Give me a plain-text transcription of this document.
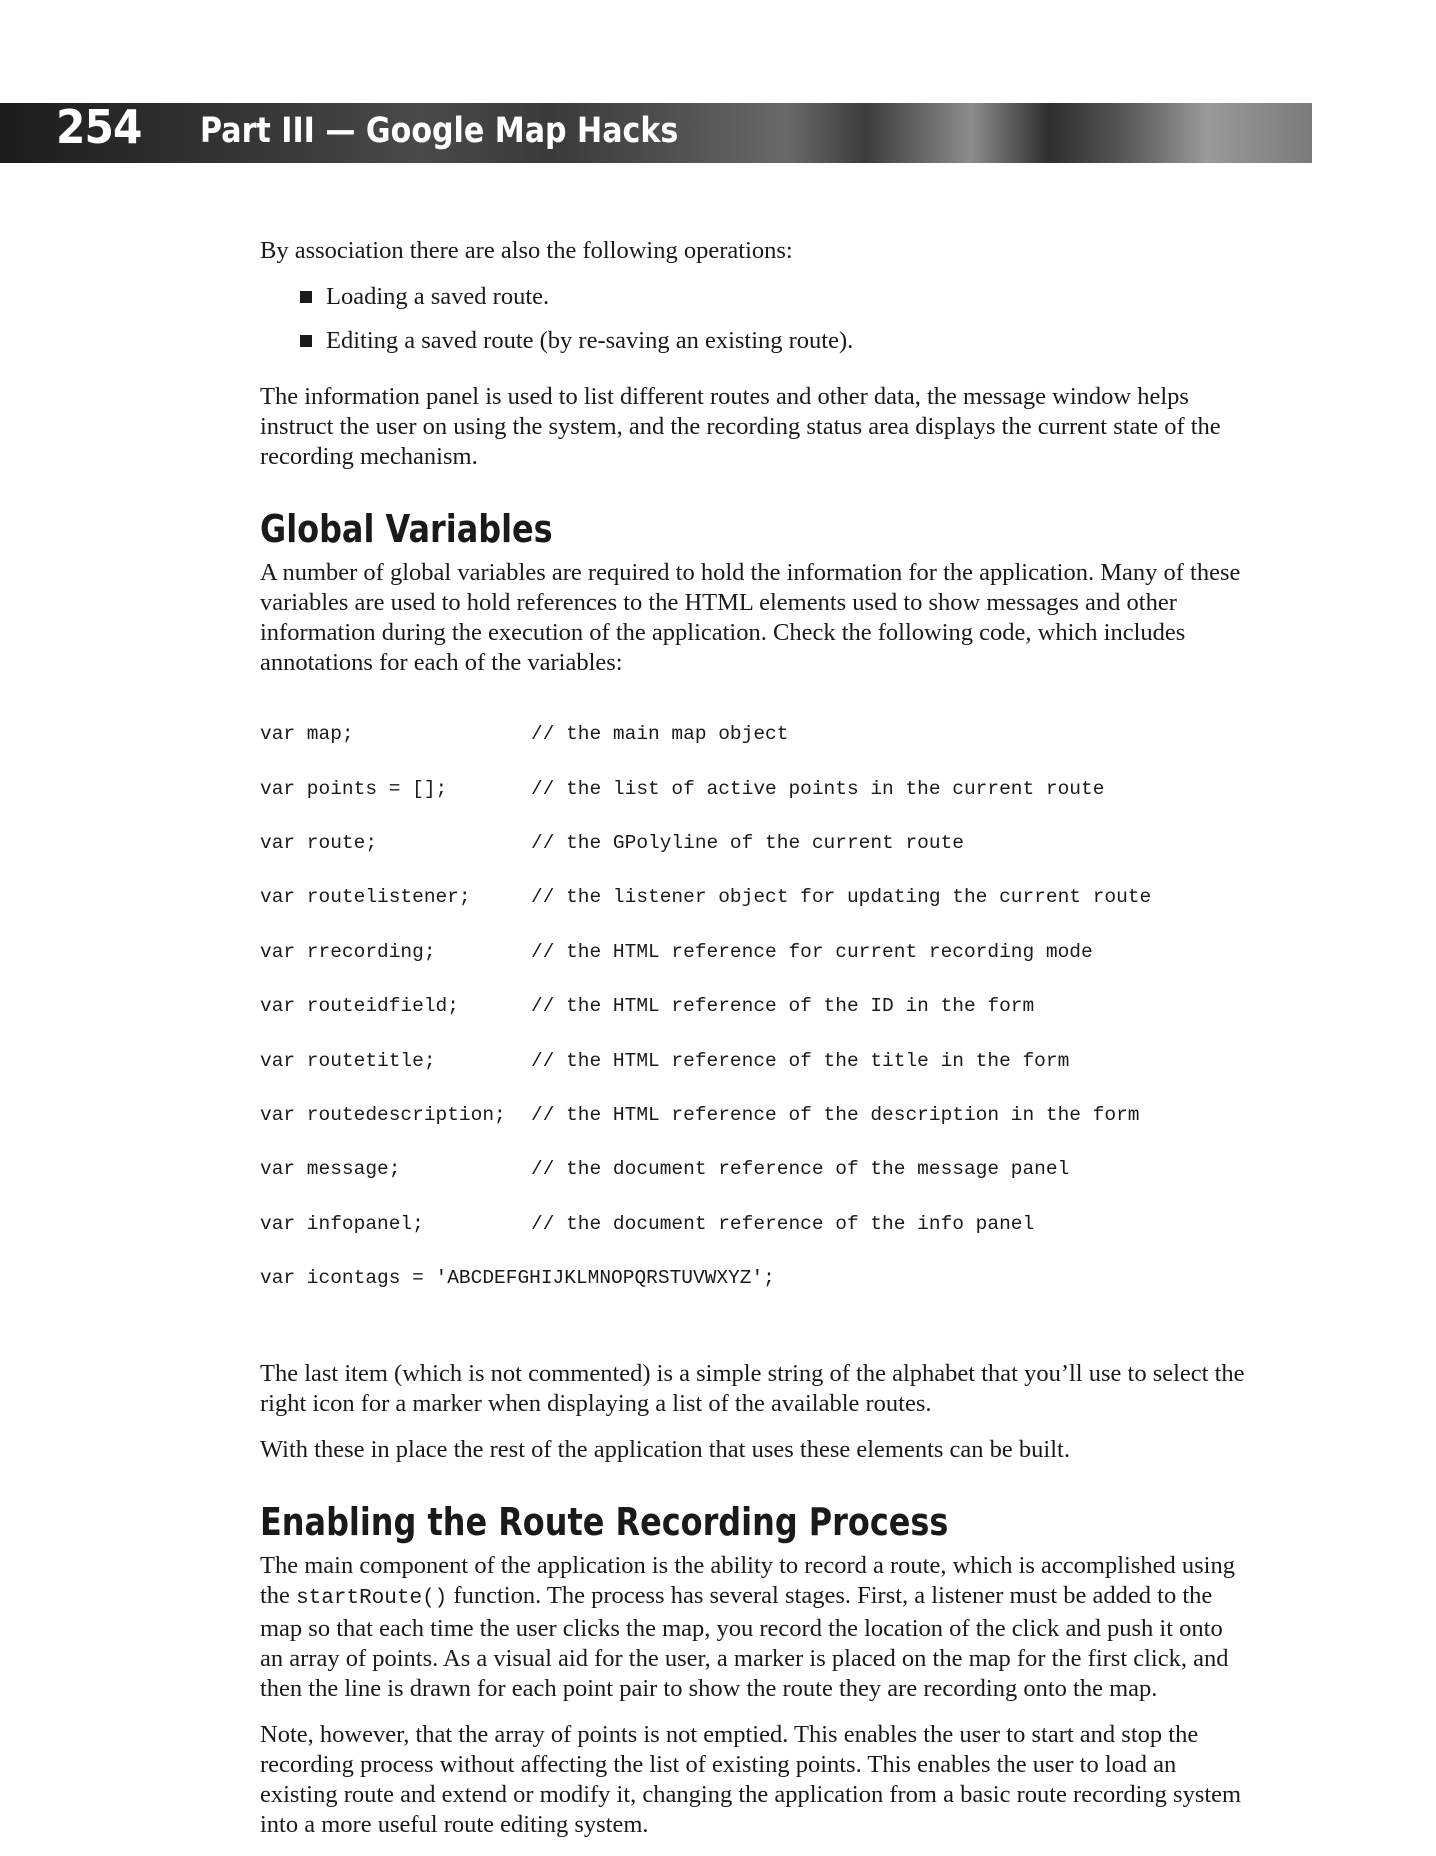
254 Part III — Google Map Hacks

By association there are also the following operations:

Loading a saved route.
Editing a saved route (by re-saving an existing route).

The information panel is used to list different routes and other data, the message window helps instruct the user on using the system, and the recording status area displays the current state of the recording mechanism.

Global Variables

A number of global variables are required to hold the information for the application. Many of these variables are used to hold references to the HTML elements used to show messages and other information during the execution of the application. Check the following code, which includes annotations for each of the variables:

var map;	// the main map object

var points = [];	// the list of active points in the current route

var route;	// the GPolyline of the current route

var routelistener;	// the listener object for updating the current route

var rrecording;	// the HTML reference for current recording mode

var routeidfield;	// the HTML reference of the ID in the form

var routetitle;	// the HTML reference of the title in the form

var routedescription; // the HTML reference of the description in the form

var message;	// the document reference of the message panel

var infopanel;	// the document reference of the info panel

var icontags = 'ABCDEFGHIJKLMNOPQRSTUVWXYZ';

The last item (which is not commented) is a simple string of the alphabet that you’ll use to select the right icon for a marker when displaying a list of the available routes.

With these in place the rest of the application that uses these elements can be built.

Enabling the Route Recording Process

The main component of the application is the ability to record a route, which is accomplished using the startRoute() function. The process has several stages. First, a listener must be added to the map so that each time the user clicks the map, you record the location of the click and push it onto an array of points. As a visual aid for the user, a marker is placed on the map for the first click, and then the line is drawn for each point pair to show the route they are recording onto the map.

Note, however, that the array of points is not emptied. This enables the user to start and stop the recording process without affecting the list of existing points. This enables the user to load an existing route and extend or modify it, changing the application from a basic route recording system into a more useful route editing system.
